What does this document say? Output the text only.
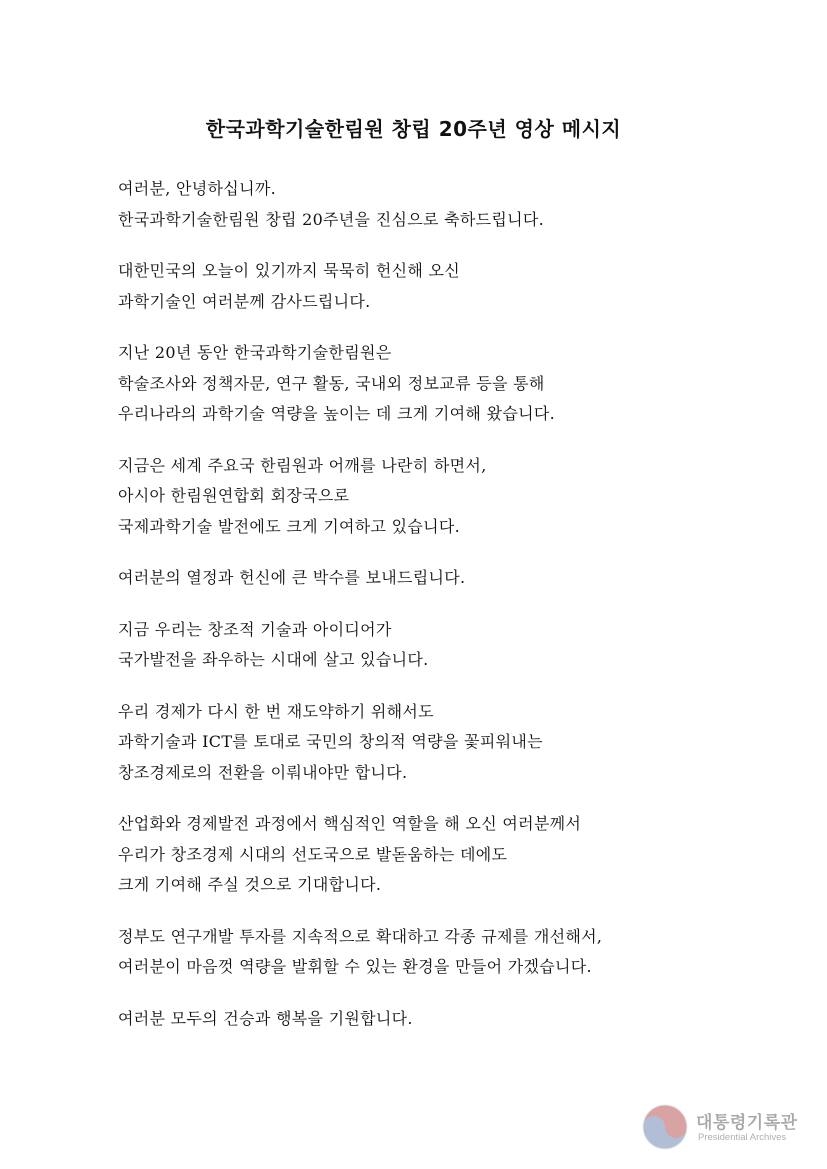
한국과학기술한림원 창립 20주년 영상 메시지
여러분, 안녕하십니까.
한국과학기술한림원 창립 20주년을 진심으로 축하드립니다.
대한민국의 오늘이 있기까지 묵묵히 헌신해 오신
과학기술인 여러분께 감사드립니다.
지난 20년 동안 한국과학기술한림원은
학술조사와 정책자문, 연구 활동, 국내외 정보교류 등을 통해
우리나라의 과학기술 역량을 높이는 데 크게 기여해 왔습니다.
지금은 세계 주요국 한림원과 어깨를 나란히 하면서,
아시아 한림원연합회 회장국으로
국제과학기술 발전에도 크게 기여하고 있습니다.
여러분의 열정과 헌신에 큰 박수를 보내드립니다.
지금 우리는 창조적 기술과 아이디어가
국가발전을 좌우하는 시대에 살고 있습니다.
우리 경제가 다시 한 번 재도약하기 위해서도
과학기술과 ICT를 토대로 국민의 창의적 역량을 꽃피워내는
창조경제로의 전환을 이뤄내야만 합니다.
산업화와 경제발전 과정에서 핵심적인 역할을 해 오신 여러분께서
우리가 창조경제 시대의 선도국으로 발돋움하는 데에도
크게 기여해 주실 것으로 기대합니다.
정부도 연구개발 투자를 지속적으로 확대하고 각종 규제를 개선해서,
여러분이 마음껏 역량을 발휘할 수 있는 환경을 만들어 가겠습니다.
여러분 모두의 건승과 행복을 기원합니다.
대통령기록관
Presidential Archives
